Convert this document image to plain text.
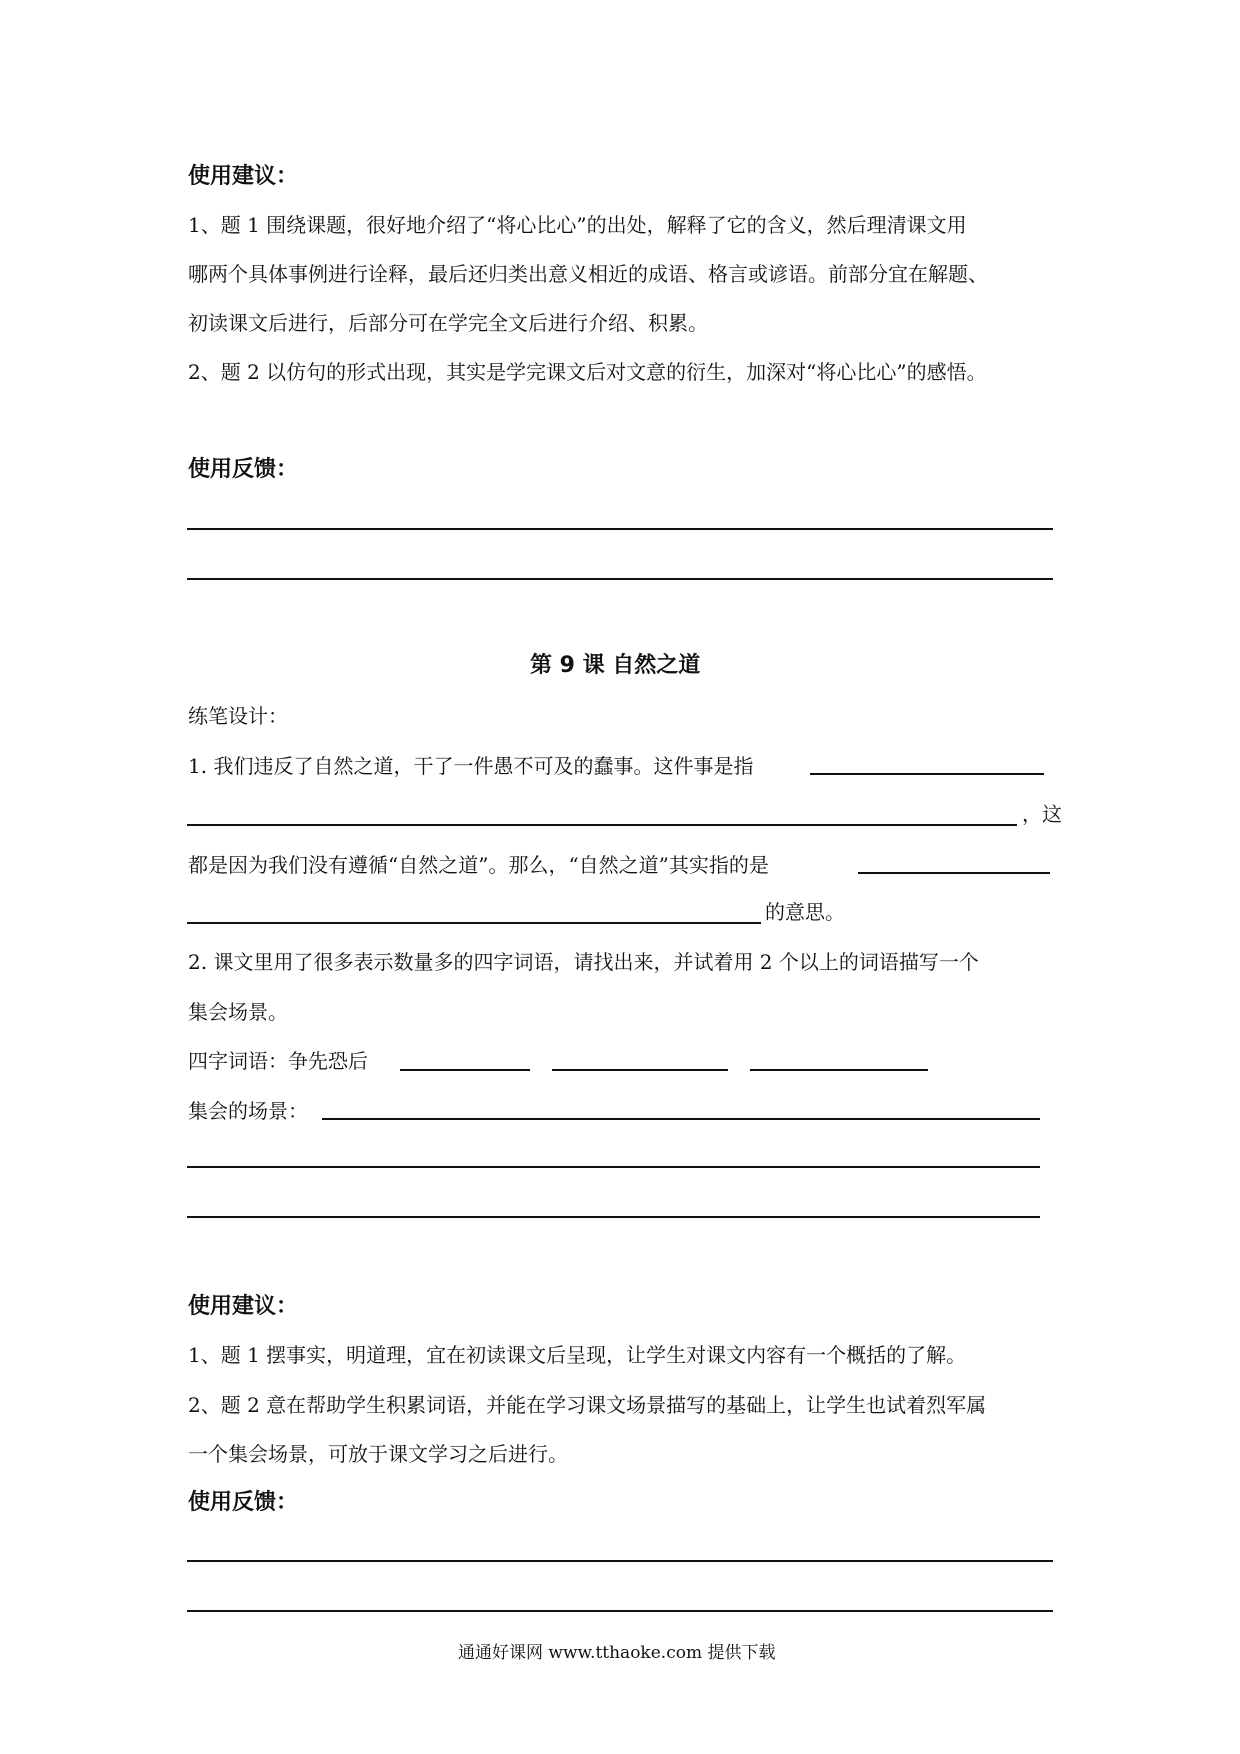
使用建议：
1、题 1 围绕课题，很好地介绍了“将心比心”的出处，解释了它的含义，然后理清课文用
哪两个具体事例进行诠释，最后还归类出意义相近的成语、格言或谚语。前部分宜在解题、
初读课文后进行，后部分可在学完全文后进行介绍、积累。
2、题 2 以仿句的形式出现，其实是学完课文后对文意的衍生，加深对“将心比心”的感悟。
使用反馈：
第 9 课 自然之道
练笔设计：
1. 我们违反了自然之道，干了一件愚不可及的蠢事。这件事是指
，这
都是因为我们没有遵循“自然之道”。那么，“自然之道”其实指的是
的意思。
2. 课文里用了很多表示数量多的四字词语，请找出来，并试着用 2 个以上的词语描写一个
集会场景。
四字词语：争先恐后
集会的场景：
使用建议：
1、题 1 摆事实，明道理，宜在初读课文后呈现，让学生对课文内容有一个概括的了解。
2、题 2 意在帮助学生积累词语，并能在学习课文场景描写的基础上，让学生也试着烈军属
一个集会场景，可放于课文学习之后进行。
使用反馈：
通通好课网 www.tthaoke.com 提供下载
